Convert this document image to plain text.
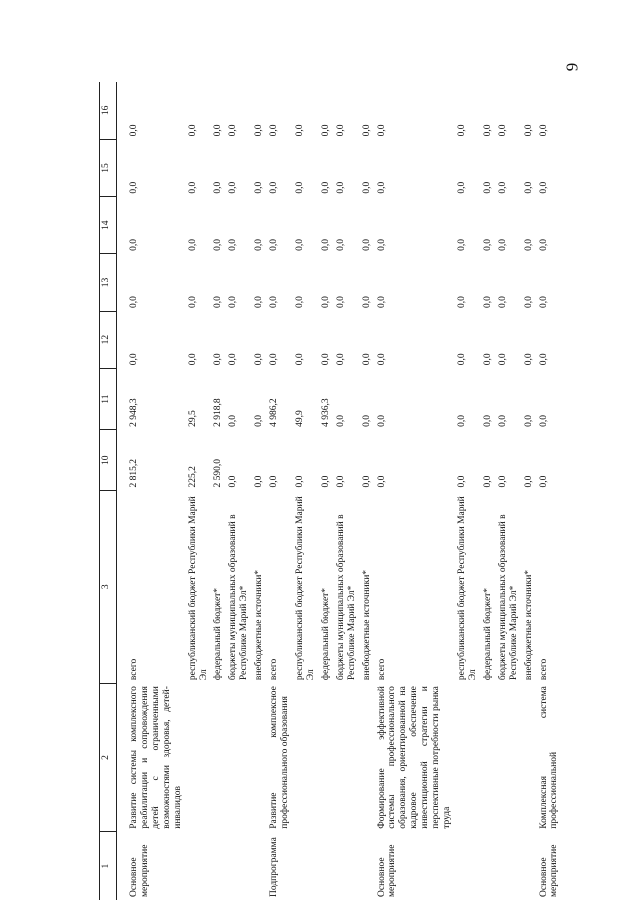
9
1	2	3	10	11	12	13	14	15	16
Основное мероприятие	Развитие системы комплексного реабилитации и сопровождения детей с ограниченными возможностями здоровья, детей-инвалидов	всего	2 815,2	2 948,3	0,0	0,0	0,0	0,0	0,0
		республиканский бюджет Республики Марий Эл	225,2	29,5	0,0	0,0	0,0	0,0	0,0
		федеральный бюджет*	2 590,0	2 918,8	0,0	0,0	0,0	0,0	0,0
		бюджеты муниципальных образований в Республике Марий Эл*	0,0	0,0	0,0	0,0	0,0	0,0	0,0
		внебюджетные источники*	0,0	0,0	0,0	0,0	0,0	0,0	0,0
Подпрограмма	Развитие комплексное профессионального образования	всего	0,0	4 986,2	0,0	0,0	0,0	0,0	0,0
		республиканский бюджет Республики Марий Эл	0,0	49,9	0,0	0,0	0,0	0,0	0,0
		федеральный бюджет*	0,0	4 936,3	0,0	0,0	0,0	0,0	0,0
		бюджеты муниципальных образований в Республике Марий Эл*	0,0	0,0	0,0	0,0	0,0	0,0	0,0
		внебюджетные источники*	0,0	0,0	0,0	0,0	0,0	0,0	0,0
Основное мероприятие	Формирование эффективной системы профессионального образования, ориентированной на кадровое обеспечение инвестиционной стратегии и перспективные потребности рынка труда	всего	0,0	0,0	0,0	0,0	0,0	0,0	0,0
		республиканский бюджет Республики Марий Эл	0,0	0,0	0,0	0,0	0,0	0,0	0,0
		федеральный бюджет*	0,0	0,0	0,0	0,0	0,0	0,0	0,0
		бюджеты муниципальных образований в Республике Марий Эл*	0,0	0,0	0,0	0,0	0,0	0,0	0,0
		внебюджетные источники*	0,0	0,0	0,0	0,0	0,0	0,0	0,0
Основное мероприятие	Комплексная система профессиональной	всего	0,0	0,0	0,0	0,0	0,0	0,0	0,0
